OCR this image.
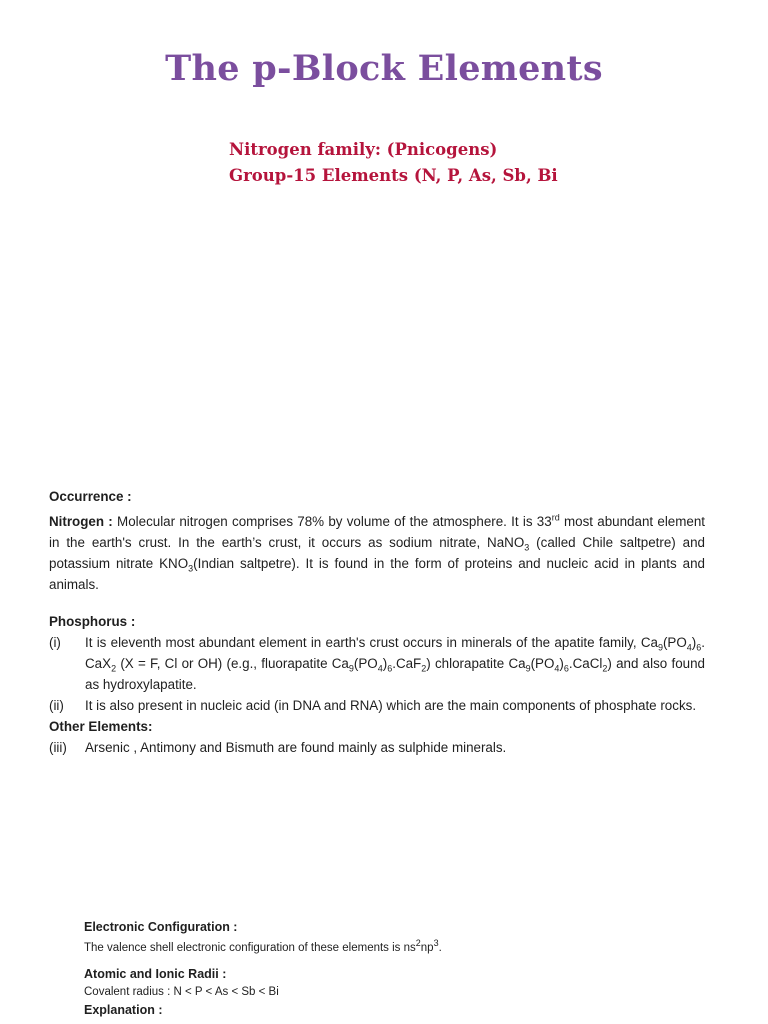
The p-Block Elements
Nitrogen family: (Pnicogens)
Group-15 Elements (N, P, As, Sb, Bi
Occurrence :

Nitrogen : Molecular nitrogen comprises 78% by volume of the atmosphere. It is 33rd most abundant element in the earth's crust. In the earth’s crust, it occurs as sodium nitrate, NaNO$_3$ (called Chile saltpetre) and potassium nitrate $KNO_3(Indian$ saltpetre). It is found in the form of proteins and nucleic acid in plants and animals.

Phosphorus :
(i) It is eleventh most abundant element in earth's crust occurs in minerals of the apatite family, $Ca_9(PO_4)_6$. CaX$_2$ (X = F, Cl or OH) (e.g., fluorapatite $Ca_9(PO_4)_6.CaF_2$) chlorapatite $Ca_9(PO_4)_6.CaCl_2$) and also found as hydroxylapatite.
(ii) It is also present in nucleic acid (in DNA and RNA) which are the main components of phosphate rocks.
Other Elements:
(iii) Arsenic , Antimony and Bismuth are found mainly as sulphide minerals.
Electronic Configuration :
The valence shell electronic configuration of these elements is $ns^2np^3$.
Atomic and Ionic Radii :
Covalent radius : N < P < As < Sb < Bi
Explanation :
